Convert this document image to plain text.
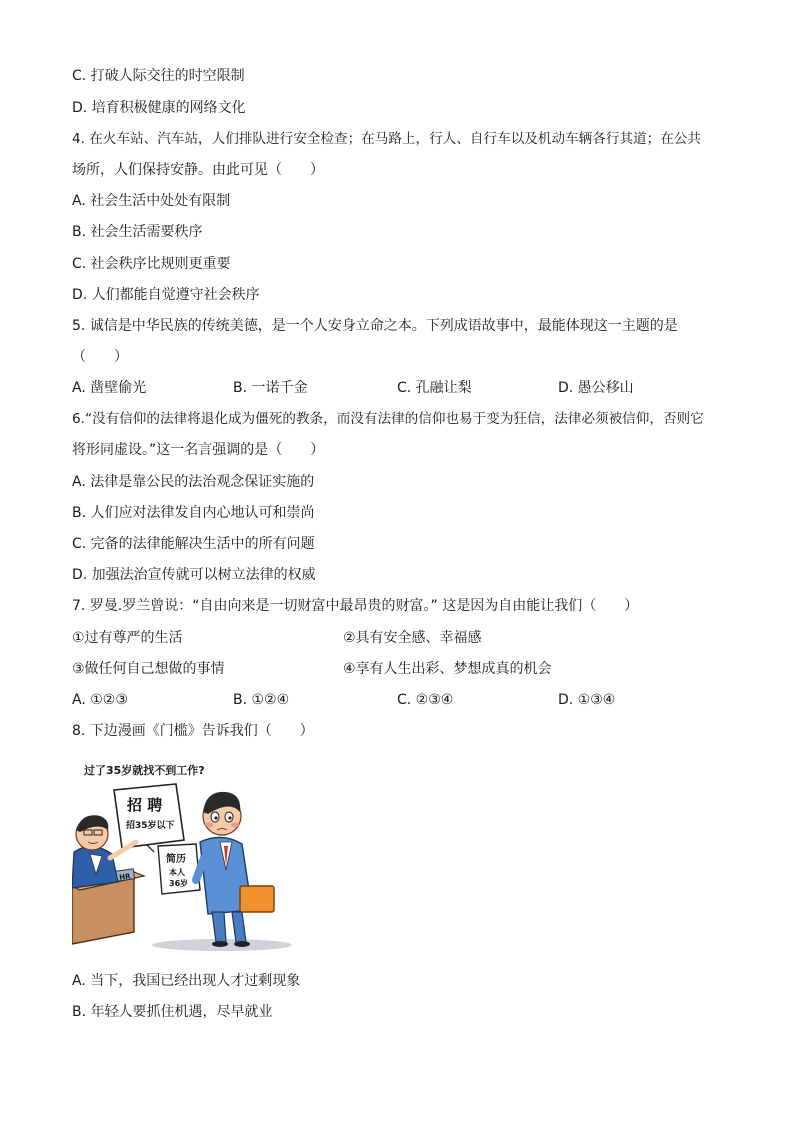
C. 打破人际交往的时空限制
D. 培育积极健康的网络文化
4. 在火车站、汽车站，人们排队进行安全检查；在马路上，行人、自行车以及机动车辆各行其道；在公共
场所，人们保持安静。由此可见（　　）
A. 社会生活中处处有限制
B. 社会生活需要秩序
C. 社会秩序比规则更重要
D. 人们都能自觉遵守社会秩序
5. 诚信是中华民族的传统美德，是一个人安身立命之本。下列成语故事中，最能体现这一主题的是
（　　）
A. 凿壁偷光	B. 一诺千金	C. 孔融让梨	D. 愚公移山
6.“没有信仰的法律将退化成为僵死的教条，而没有法律的信仰也易于变为狂信，法律必须被信仰，否则它
将形同虚设。”这一名言强调的是（　　）
A. 法律是靠公民的法治观念保证实施的
B. 人们应对法律发自内心地认可和崇尚
C. 完备的法律能解决生活中的所有问题
D. 加强法治宣传就可以树立法律的权威
7. 罗曼.罗兰曾说：“自由向来是一切财富中最昂贵的财富。” 这是因为自由能让我们（　　）
①过有尊严的生活	②具有安全感、幸福感
③做任何自己想做的事情	④享有人生出彩、梦想成真的机会
A. ①②③	B. ①②④	C. ②③④	D. ①③④
8. 下边漫画《门槛》告诉我们（　　）
过了35岁就找不到工作?
招 聘
招35岁以下
HR
简历
本人
36岁
A. 当下，我国已经出现人才过剩现象
B. 年轻人要抓住机遇，尽早就业
